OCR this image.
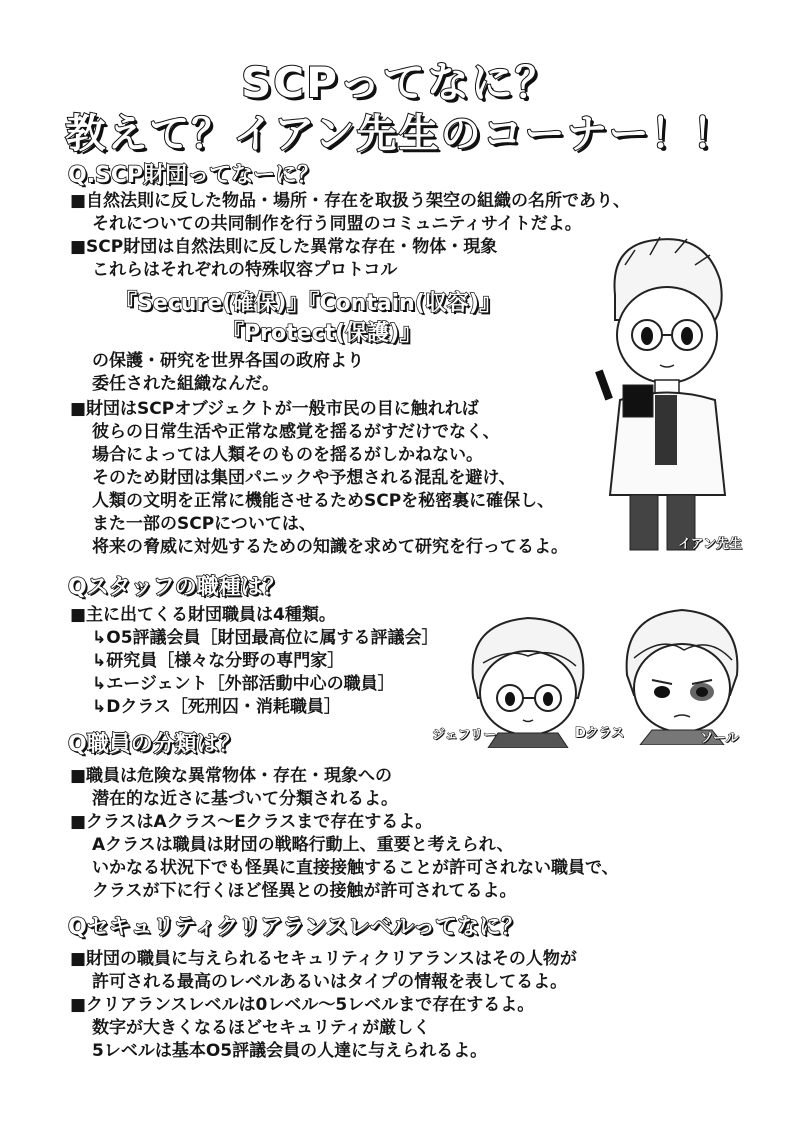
SCPってなに？
教えて？イアン先生のコーナー！！
Q.SCP財団ってなーに？
■自然法則に反した物品・場所・存在を取扱う架空の組織の名所であり、
それについての共同制作を行う同盟のコミュニティサイトだよ。
■SCP財団は自然法則に反した異常な存在・物体・現象
これらはそれぞれの特殊収容プロトコル
『Secure(確保)』『Contain(収容)』
『Protect(保護)』
の保護・研究を世界各国の政府より
委任された組織なんだ。
■財団はSCPオブジェクトが一般市民の目に触れれば
彼らの日常生活や正常な感覚を揺るがすだけでなく、
場合によっては人類そのものを揺るがしかねない。
そのため財団は集団パニックや予想される混乱を避け、
人類の文明を正常に機能させるためSCPを秘密裏に確保し、
また一部のSCPについては、
将来の脅威に対処するための知識を求めて研究を行ってるよ。	イアン先生
Qスタッフの職種は？
■主に出てくる財団職員は4種類。
↳O5評議会員［財団最高位に属する評議会］
↳研究員［様々な分野の専門家］
↳エージェント［外部活動中心の職員］
↳Dクラス［死刑囚・消耗職員］
ジェフリー	Dクラス	ソール
Q職員の分類は？
■職員は危険な異常物体・存在・現象への
潜在的な近さに基づいて分類されるよ。
■クラスはAクラス～Eクラスまで存在するよ。
Aクラスは職員は財団の戦略行動上、重要と考えられ、
いかなる状況下でも怪異に直接接触することが許可されない職員で、
クラスが下に行くほど怪異との接触が許可されてるよ。
Qセキュリティクリアランスレベルってなに？
■財団の職員に与えられるセキュリティクリアランスはその人物が
許可される最高のレベルあるいはタイプの情報を表してるよ。
■クリアランスレベルは0レベル～5レベルまで存在するよ。
数字が大きくなるほどセキュリティが厳しく
5レベルは基本O5評議会員の人達に与えられるよ。
